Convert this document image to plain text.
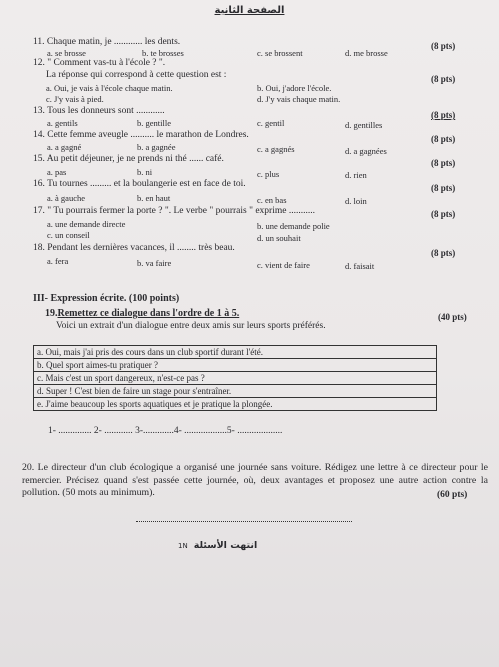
الصفحة الثانية
11. Chaque matin, je ............ les dents.	(8 pts)
a. se brosse	b. te brosses	c. se brossent	d. me brosse
12. " Comment vas-tu à l'école ? ".
La réponse qui correspond à cette question est :	(8 pts)
a. Oui, je vais à l'école chaque matin.	b. Oui, j'adore l'école.
c. J'y vais à pied.	d. J'y vais chaque matin.
13. Tous les donneurs sont ............	(8 pts)
a. gentils	b. gentille	c. gentil	d. gentilles
14. Cette femme aveugle .......... le marathon de Londres.	(8 pts)
a. a gagné	b. a gagnée	c. a gagnés	d. a gagnées
15. Au petit déjeuner, je ne prends ni thé ...... café.	(8 pts)
a. pas	b. ni	c. plus	d. rien
16. Tu tournes ......... et la boulangerie est en face de toi.	(8 pts)
a. à gauche	b. en haut	c. en bas	d. loin
17. " Tu pourrais fermer la porte ? ". Le verbe " pourrais " exprime ...........	(8 pts)
a. une demande directe	b. une demande polie
c. un conseil	d. un souhait
18. Pendant les dernières vacances, il ........ très beau.	(8 pts)
a. fera	b. va faire	c. vient de faire	d. faisait
III- Expression écrite. (100 points)
19.Remettez ce dialogue dans l'ordre de 1 à 5.	(40 pts)
Voici un extrait d'un dialogue entre deux amis sur leurs sports préférés.
a. Oui, mais j'ai pris des cours dans un club sportif durant l'été.
b. Quel sport aimes-tu pratiquer ?
c. Mais c'est un sport dangereux, n'est-ce pas ?
d. Super ! C'est bien de faire un stage pour s'entraîner.
e. J'aime beaucoup les sports aquatiques et je pratique la plongée.
1- .............. 2- ............ 3-.............4- ..................5- ...................
20. Le directeur d'un club écologique a organisé une journée sans voiture. Rédigez une lettre à ce directeur pour le remercier. Précisez quand s'est passée cette journée, où, deux avantages et proposez une autre action contre la pollution. (50 mots au minimum).	(60 pts)
1N انتهت الأسئلة
